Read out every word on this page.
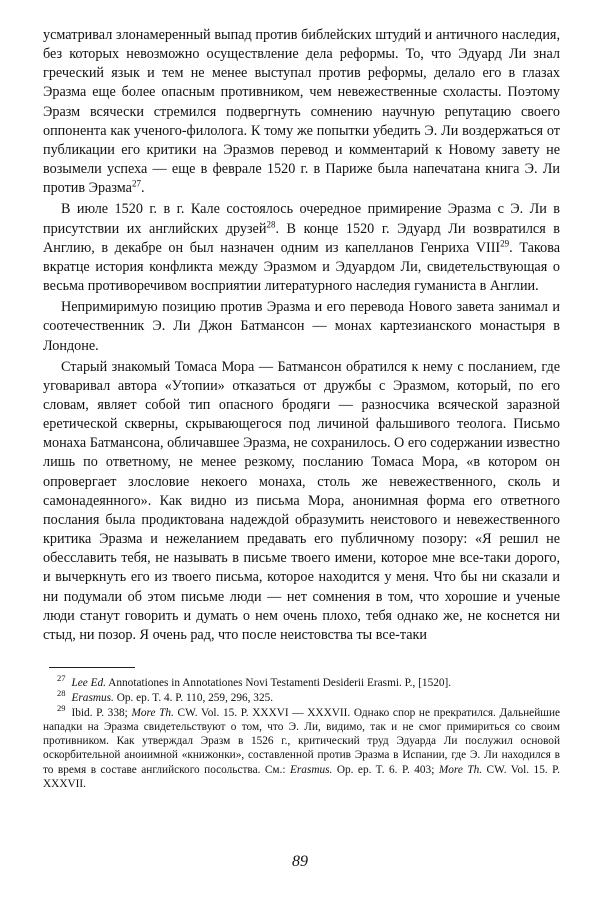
усматривал злонамеренный выпад против библейских штудий и античного наследия, без которых невозможно осуществление дела реформы. То, что Эдуард Ли знал греческий язык и тем не менее выступал против реформы, делало его в глазах Эразма еще более опасным противником, чем невежественные схоласты. Поэтому Эразм всячески стремился подвергнуть сомнению научную репутацию своего оппонента как ученого-филолога. К тому же попытки убедить Э. Ли воздержаться от публикации его критики на Эразмов перевод и комментарий к Новому завету не возымели успеха — еще в феврале 1520 г. в Париже была напечатана книга Э. Ли против Эразма$^{27}$.

В июле 1520 г. в г. Кале состоялось очередное примирение Эразма с Э. Ли в присутствии их английских друзей$^{28}$. В конце 1520 г. Эдуард Ли возвратился в Англию, в декабре он был назначен одним из капелланов Генриха VIII$^{29}$. Такова вкратце история конфликта между Эразмом и Эдуардом Ли, свидетельствующая о весьма противоречивом восприятии литературного наследия гуманиста в Англии.

Непримиримую позицию против Эразма и его перевода Нового завета занимал и соотечественник Э. Ли Джон Батмансон — монах картезианского монастыря в Лондоне.

Старый знакомый Томаса Мора — Батмансон обратился к нему с посланием, где уговаривал автора «Утопии» отказаться от дружбы с Эразмом, который, по его словам, являет собой тип опасного бродяги — разносчика всяческой заразной еретической скверны, скрывающегося под личиной фальшивого теолога. Письмо монаха Батмансона, обличавшее Эразма, не сохранилось. О его содержании известно лишь по ответному, не менее резкому, посланию Томаса Мора, «в котором он опровергает злословие некоего монаха, столь же невежественного, сколь и самонадеянного». Как видно из письма Мора, анонимная форма его ответного послания была продиктована надеждой образумить неистового и невежественного критика Эразма и нежеланием предавать его публичному позору: «Я решил не обесславить тебя, не называть в письме твоего имени, которое мне все-таки дорого, и вычеркнуть его из твоего письма, которое находится у меня. Что бы ни сказали и ни подумали об этом письме люди — нет сомнения в том, что хорошие и ученые люди станут говорить и думать о нем очень плохо, тебя однако же, не коснется ни стыд, ни позор. Я очень рад, что после неистовства ты все-таки

$^{27}$ Lee Ed. Annotationes in Annotationes Novi Testamenti Desiderii Erasmi. P., [1520].

$^{28}$ Erasmus. Op. ep. T. 4. P. 110, 259, 296, 325.

$^{29}$ Ibid. P. 338; More Th. CW. Vol. 15. P. XXXVI — XXXVII. Однако спор не прекратился. Дальнейшие нападки на Эразма свидетельствуют о том, что Э. Ли, видимо, так и не смог примириться со своим противником. Как утверждал Эразм в 1526 г., критический труд Эдуарда Ли послужил основой оскорбительной аноиимной «книжонки», составленной против Эразма в Испании, где Э. Ли находился в то время в составе английского посольства. См.: Erasmus. Op. ep. T. 6. P. 403; More Th. CW. Vol. 15. P. XXXVII.

89
